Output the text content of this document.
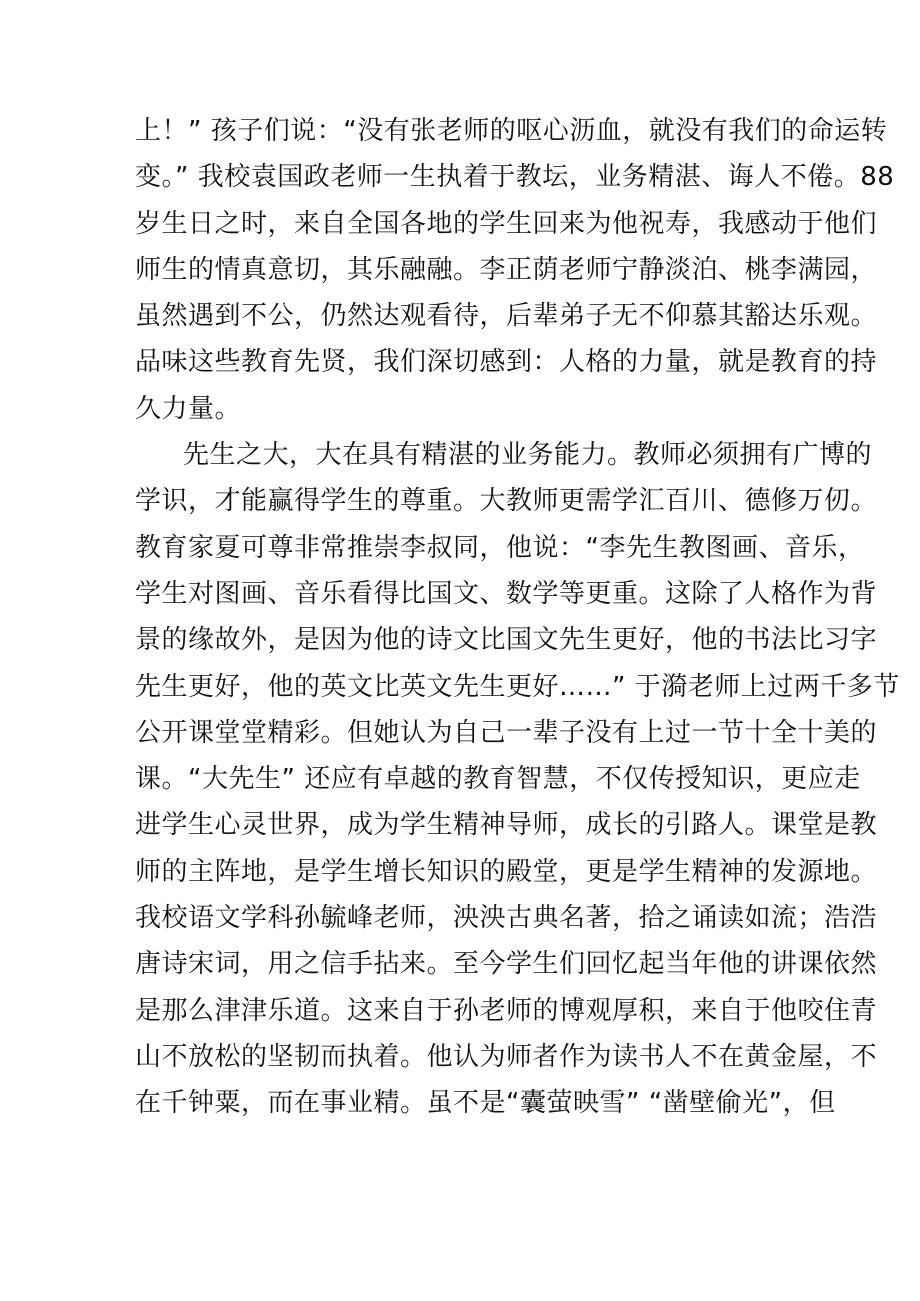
上！” 孩子们说：“没有张老师的呕心沥血，就没有我们的命运转
变。” 我校袁国政老师一生执着于教坛，业务精湛、诲人不倦。88
岁生日之时，来自全国各地的学生回来为他祝寿，我感动于他们
师生的情真意切，其乐融融。李正荫老师宁静淡泊、桃李满园，
虽然遇到不公，仍然达观看待，后辈弟子无不仰慕其豁达乐观。
品味这些教育先贤，我们深切感到：人格的力量，就是教育的持
久力量。
先生之大，大在具有精湛的业务能力。教师必须拥有广博的
学识，才能赢得学生的尊重。大教师更需学汇百川、德修万仞。
教育家夏可尊非常推崇李叔同，他说：“李先生教图画、音乐，
学生对图画、音乐看得比国文、数学等更重。这除了人格作为背
景的缘故外，是因为他的诗文比国文先生更好，他的书法比习字
先生更好，他的英文比英文先生更好……” 于漪老师上过两千多节
公开课堂堂精彩。但她认为自己一辈子没有上过一节十全十美的
课。“大先生” 还应有卓越的教育智慧，不仅传授知识，更应走
进学生心灵世界，成为学生精神导师，成长的引路人。课堂是教
师的主阵地，是学生增长知识的殿堂，更是学生精神的发源地。
我校语文学科孙毓峰老师，泱泱古典名著，拾之诵读如流；浩浩
唐诗宋词，用之信手拈来。至今学生们回忆起当年他的讲课依然
是那么津津乐道。这来自于孙老师的博观厚积，来自于他咬住青
山不放松的坚韧而执着。他认为师者作为读书人不在黄金屋，不
在千钟粟，而在事业精。虽不是“囊萤映雪” “凿壁偷光”，但
